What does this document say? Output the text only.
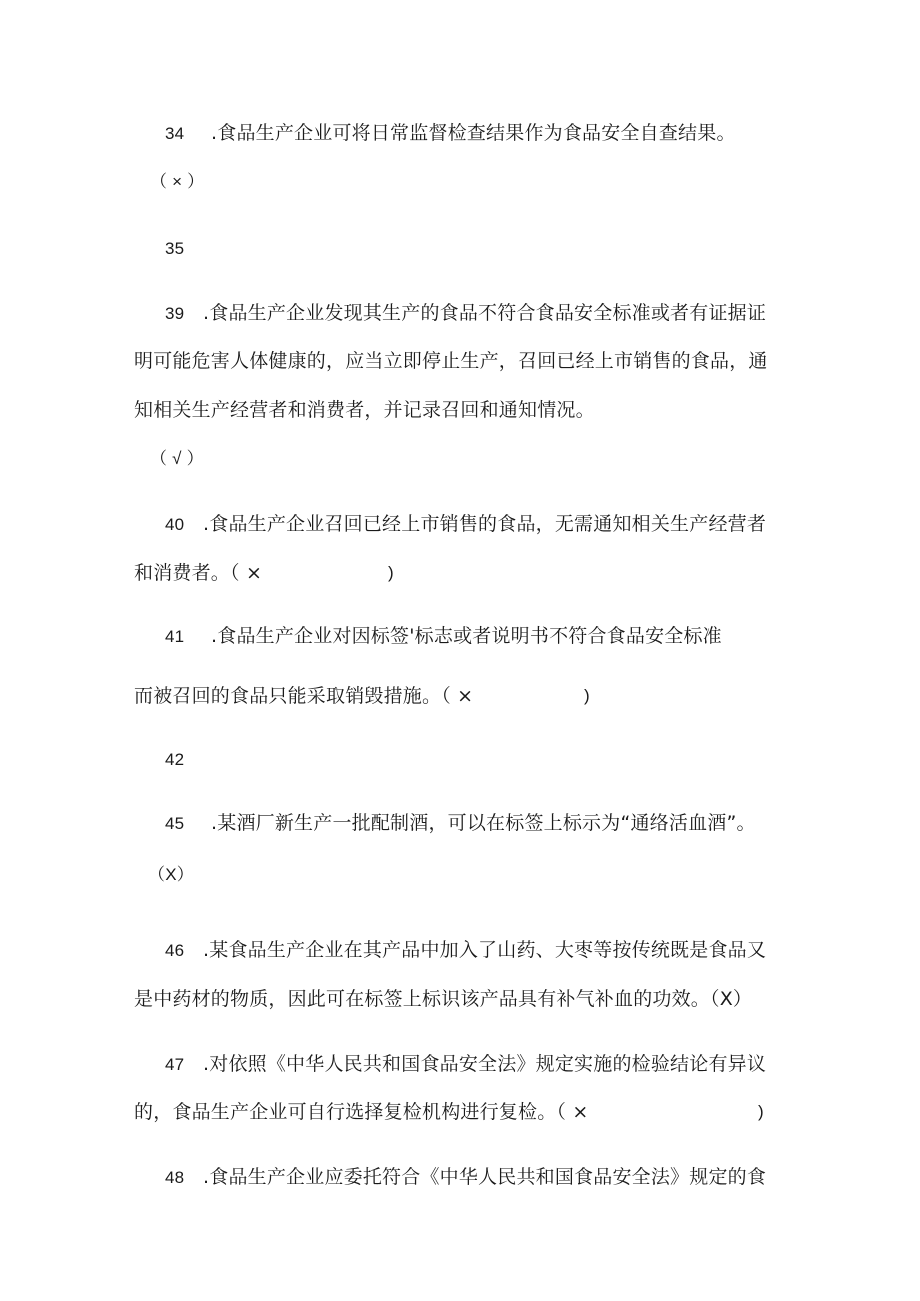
34 .食品生产企业可将日常监督检查结果作为食品安全自查结果。
（ × ）
35
39 .食品生产企业发现其生产的食品不符合食品安全标准或者有证据证
明可能危害人体健康的，应当立即停止生产，召回已经上市销售的食品，通
知相关生产经营者和消费者，并记录召回和通知情况。
（ √ ）
40 .食品生产企业召回已经上市销售的食品，无需通知相关生产经营者
和消费者。（ ×	)
41 .食品生产企业对因标签'标志或者说明书不符合食品安全标准
而被召回的食品只能采取销毁措施。（ ×	)
42
45 .某酒厂新生产一批配制酒，可以在标签上标示为“通络活血酒”。
（X）
46 .某食品生产企业在其产品中加入了山药、大枣等按传统既是食品又
是中药材的物质，因此可在标签上标识该产品具有补气补血的功效。（X）
47 .对依照《中华人民共和国食品安全法》规定实施的检验结论有异议
的，食品生产企业可自行选择复检机构进行复检。（ ×	)
48 .食品生产企业应委托符合《中华人民共和国食品安全法》规定的食
